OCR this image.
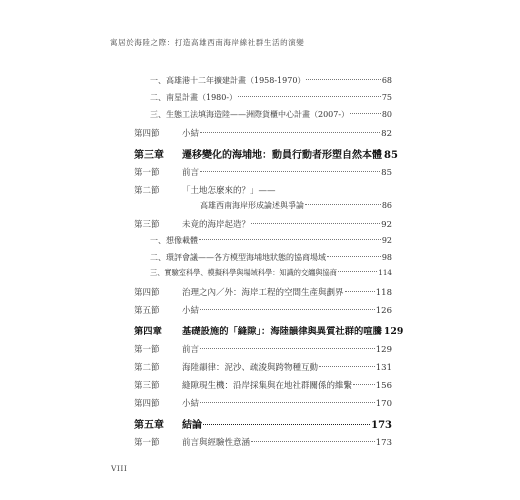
寓居於海陸之際：打造高雄西南海岸線社群生活的演變
一、高雄港十二年擴建計畫（1958-1970）	68
二、南星計畫（1980-）	75
三、生態工法填海造陸——洲際貨櫃中心計畫（2007-）	80
第四節	小結	82
第三章	遷移變化的海埔地：動員行動者形塑自然本體 85
第一節	前言	85
第二節	「土地怎麼來的？」——
高雄西南海岸形成論述與爭論	86
第三節	未竟的海岸起造？	92
一、想像載體	92
二、環評會議——各方模型海埔地狀態的協商場域	98
三、實驗室科學、模擬科學與場域科學：知識的交纏與協商	114
第四節	治理之內／外：海岸工程的空間生產與劃界	118
第五節	小結	126
第四章	基礎設施的「縫隙」：海陸韻律與異質社群的喧騰 129
第一節	前言	129
第二節	海陸韻律：泥沙、疏浚與跨物種互動	131
第三節	縫隙現生機：沿岸採集與在地社群關係的維繫	156
第四節	小結	170
第五章	結論	173
第一節	前言與經驗性意涵	173
VIII
